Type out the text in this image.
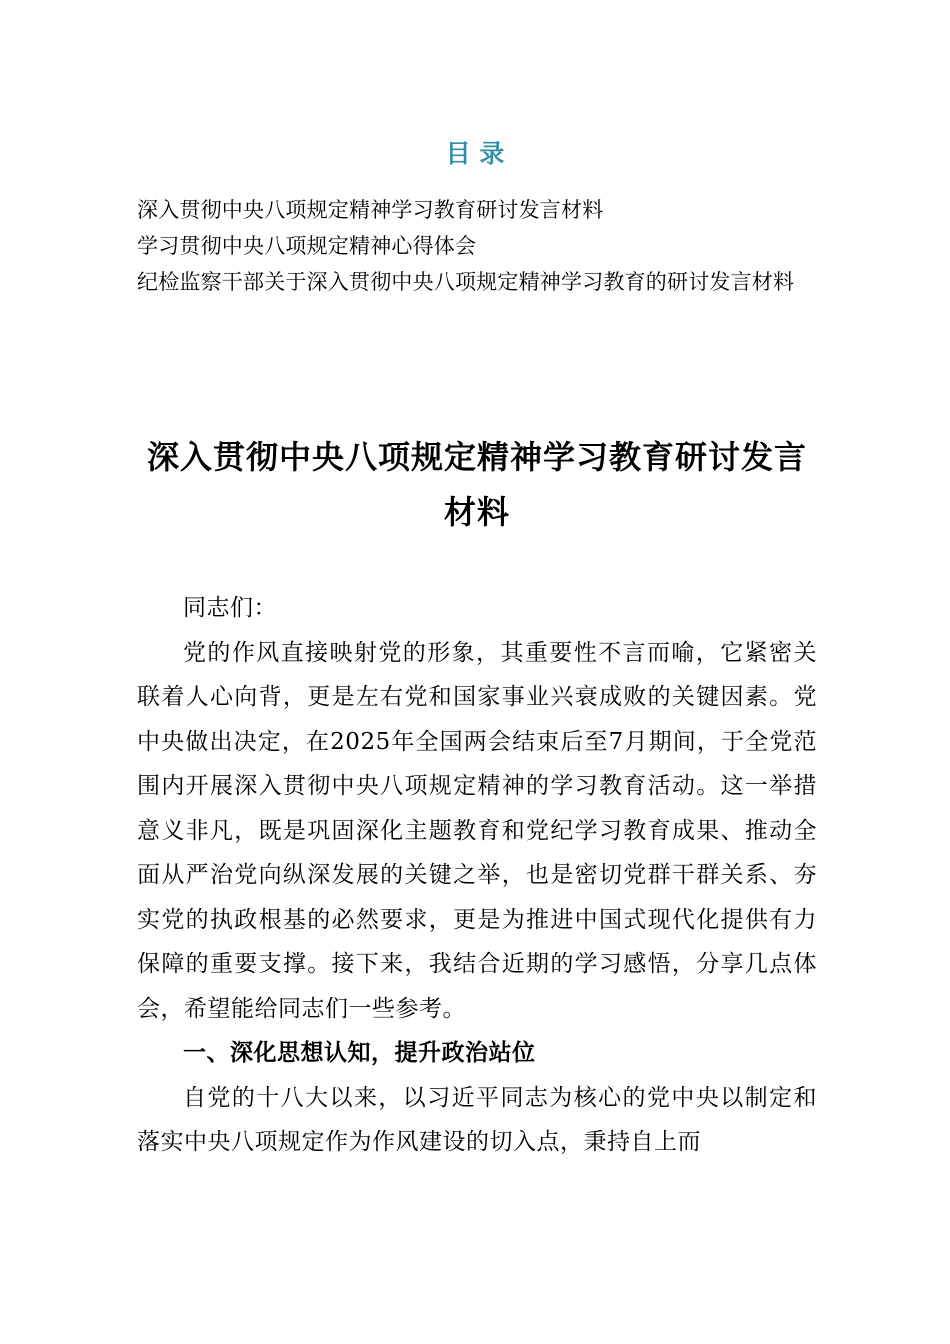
目 录
深入贯彻中央八项规定精神学习教育研讨发言材料
学习贯彻中央八项规定精神心得体会
纪检监察干部关于深入贯彻中央八项规定精神学习教育的研讨发言材料
深入贯彻中央八项规定精神学习教育研讨发言材料

同志们：

党的作风直接映射党的形象，其重要性不言而喻，它紧密关联着人心向背，更是左右党和国家事业兴衰成败的关键因素。党中央做出决定，在2025年全国两会结束后至7月期间，于全党范围内开展深入贯彻中央八项规定精神的学习教育活动。这一举措意义非凡，既是巩固深化主题教育和党纪学习教育成果、推动全面从严治党向纵深发展的关键之举，也是密切党群干群关系、夯实党的执政根基的必然要求，更是为推进中国式现代化提供有力保障的重要支撑。接下来，我结合近期的学习感悟，分享几点体会，希望能给同志们一些参考。

一、深化思想认知，提升政治站位

自党的十八大以来，以习近平同志为核心的党中央以制定和落实中央八项规定作为作风建设的切入点，秉持自上而
